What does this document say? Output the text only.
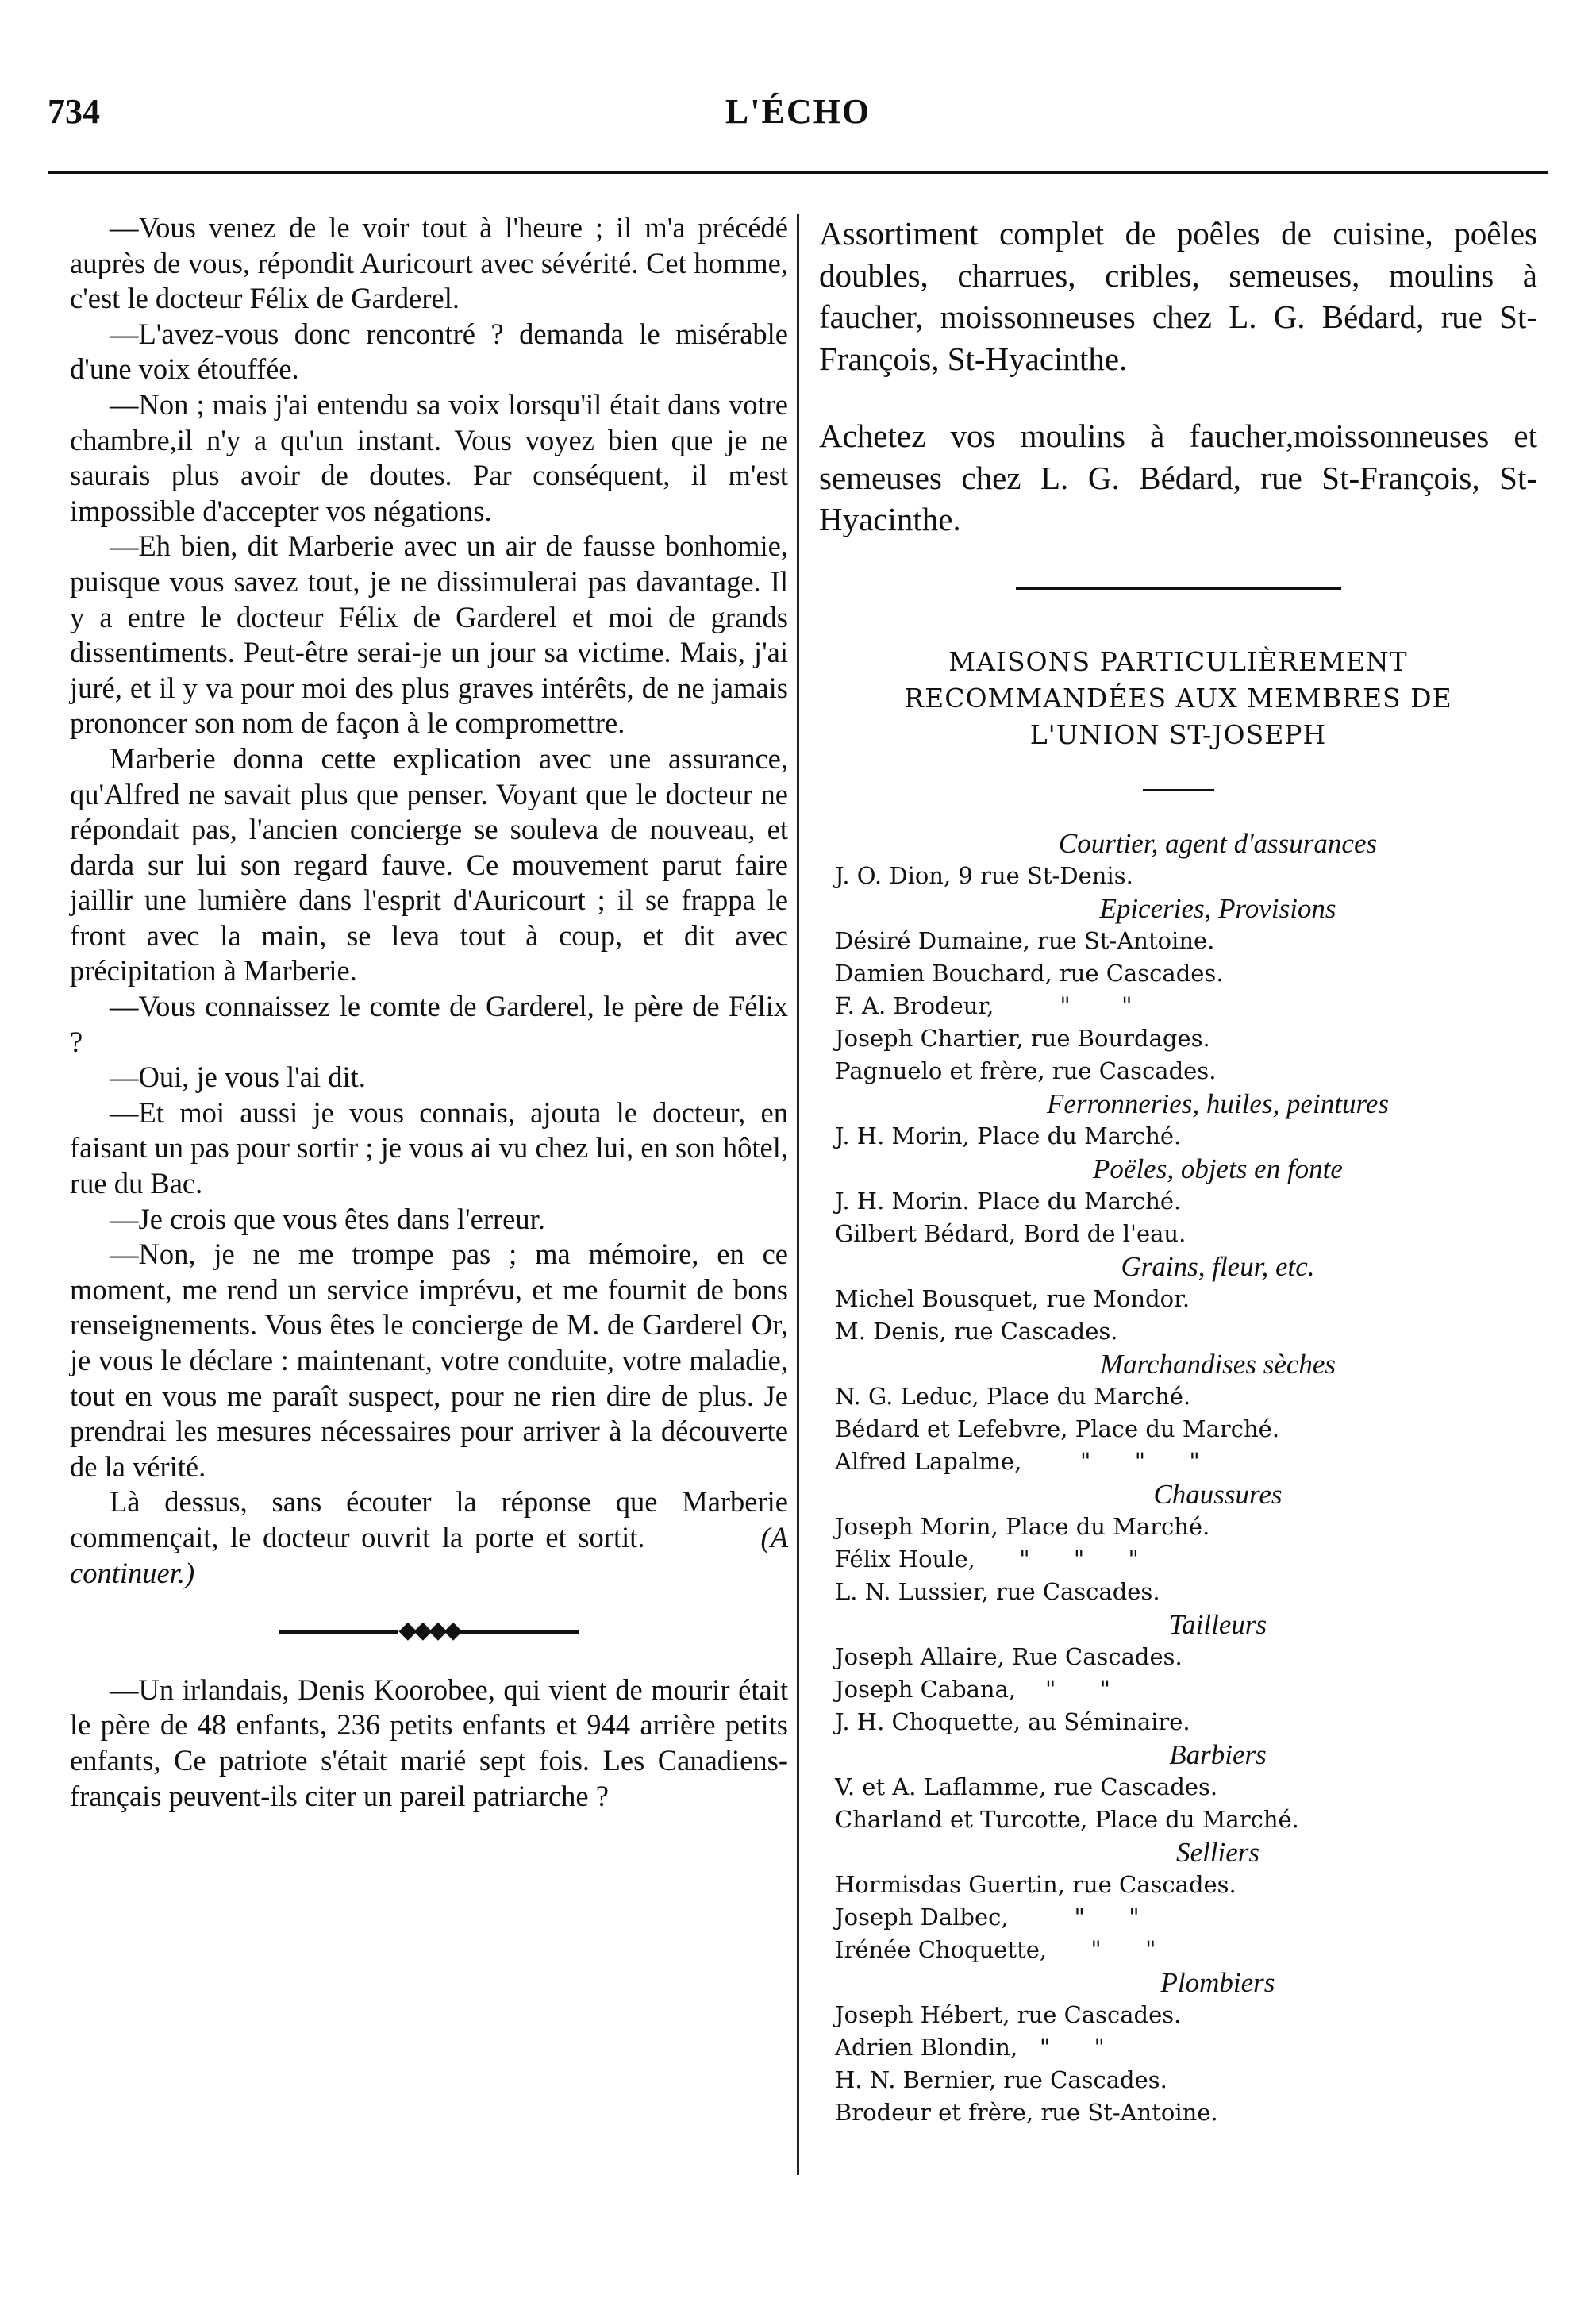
734	L'ÉCHO

—Vous venez de le voir tout à l'heure ; il m'a précédé auprès de vous, répondit Auricourt avec sévérité. Cet homme, c'est le docteur Félix de Garderel.

—L'avez-vous donc rencontré ? demanda le misérable d'une voix étouffée.

—Non ; mais j'ai entendu sa voix lorsqu'il était dans votre chambre,il n'y a qu'un instant. Vous voyez bien que je ne saurais plus avoir de doutes. Par conséquent, il m'est impossible d'accepter vos négations.

—Eh bien, dit Marberie avec un air de fausse bonhomie, puisque vous savez tout, je ne dissimulerai pas davantage. Il y a entre le docteur Félix de Garderel et moi de grands dissentiments. Peut-être serai-je un jour sa victime. Mais, j'ai juré, et il y va pour moi des plus graves intérêts, de ne jamais prononcer son nom de façon à le compromettre.

Marberie donna cette explication avec une assurance, qu'Alfred ne savait plus que penser. Voyant que le docteur ne répondait pas, l'ancien concierge se souleva de nouveau, et darda sur lui son regard fauve. Ce mouvement parut faire jaillir une lumière dans l'esprit d'Auricourt ; il se frappa le front avec la main, se leva tout à coup, et dit avec précipitation à Marberie.

—Vous connaissez le comte de Garderel, le père de Félix ?

—Oui, je vous l'ai dit.

—Et moi aussi je vous connais, ajouta le docteur, en faisant un pas pour sortir ; je vous ai vu chez lui, en son hôtel, rue du Bac.

—Je crois que vous êtes dans l'erreur.

—Non, je ne me trompe pas ; ma mémoire, en ce moment, me rend un service imprévu, et me fournit de bons renseignements. Vous êtes le concierge de M. de Garderel Or, je vous le déclare : maintenant, votre conduite, votre maladie, tout en vous me paraît suspect, pour ne rien dire de plus. Je prendrai les mesures nécessaires pour arriver à la découverte de la vérité.

Là dessus, sans écouter la réponse que Marberie commençait, le docteur ouvrit la porte et sortit.	(A continuer.)

◆◆◆◆

—Un irlandais, Denis Koorobee, qui vient de mourir était le père de 48 enfants, 236 petits enfants et 944 arrière petits enfants, Ce patriote s'était marié sept fois. Les Canadiens-français peuvent-ils citer un pareil patriarche ?

Assortiment complet de poêles de cuisine, poêles doubles, charrues, cribles, semeuses, moulins à faucher, moissonneuses chez L. G. Bédard, rue St-François, St-Hyacinthe.

Achetez vos moulins à faucher,moissonneuses et semeuses chez L. G. Bédard, rue St-François, St-Hyacinthe.

MAISONS PARTICULIÈREMENT
RECOMMANDÉES AUX MEMBRES DE
L'UNION ST-JOSEPH
Courtier, agent d'assurances
J. O. Dion, 9 rue St-Denis.
Epiceries, Provisions
Désiré Dumaine, rue St-Antoine.
Damien Bouchard, rue Cascades.
F. A. Brodeur,         "       "
Joseph Chartier, rue Bourdages.
Pagnuelo et frère, rue Cascades.
Ferronneries, huiles, peintures
J. H. Morin, Place du Marché.
Poëles, objets en fonte
J. H. Morin. Place du Marché.
Gilbert Bédard, Bord de l'eau.
Grains, fleur, etc.
Michel Bousquet, rue Mondor.
M. Denis, rue Cascades.
Marchandises sèches
N. G. Leduc, Place du Marché.
Bédard et Lefebvre, Place du Marché.
Alfred Lapalme,        "      "      "
Chaussures
Joseph Morin, Place du Marché.
Félix Houle,      "      "      "
L. N. Lussier, rue Cascades.
Tailleurs
Joseph Allaire, Rue Cascades.
Joseph Cabana,    "      "
J. H. Choquette, au Séminaire.
Barbiers
V. et A. Laflamme, rue Cascades.
Charland et Turcotte, Place du Marché.
Selliers
Hormisdas Guertin, rue Cascades.
Joseph Dalbec,         "      "
Irénée Choquette,      "      "
Plombiers
Joseph Hébert, rue Cascades.
Adrien Blondin,   "      "
H. N. Bernier, rue Cascades.
Brodeur et frère, rue St-Antoine.
